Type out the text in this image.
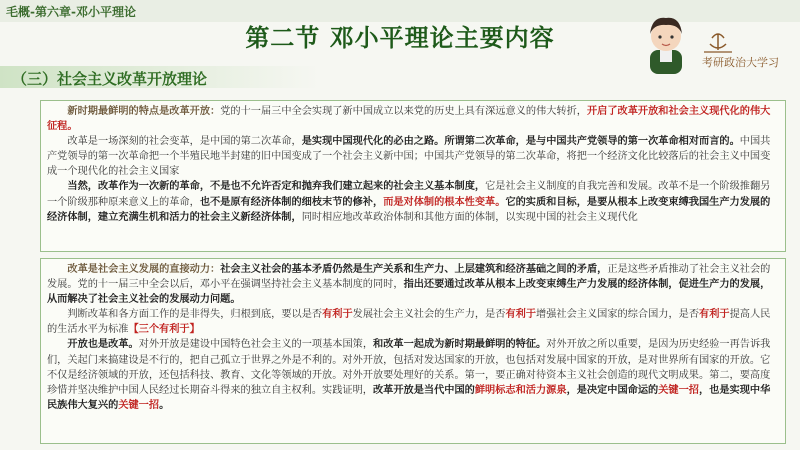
毛概-第六章-邓小平理论
第二节 邓小平理论主要内容
考研政治大学习
（三）社会主义改革开放理论

新时期最鲜明的特点是改革开放：党的十一届三中全会实现了新中国成立以来党的历史上具有深远意义的伟大转折，开启了改革开放和社会主义现代化的伟大征程。

改革是一场深刻的社会变革，是中国的第二次革命，是实现中国现代化的必由之路。所谓第二次革命，是与中国共产党领导的第一次革命相对而言的。中国共产党领导的第一次革命把一个半殖民地半封建的旧中国变成了一个社会主义新中国；中国共产党领导的第二次革命，将把一个经济文化比较落后的社会主义中国变成一个现代化的社会主义国家

当然，改革作为一次新的革命，不是也不允许否定和抛弃我们建立起来的社会主义基本制度，它是社会主义制度的自我完善和发展。改革不是一个阶级推翻另一个阶级那种原来意义上的革命，也不是原有经济体制的细枝末节的修补，而是对体制的根本性变革。它的实质和目标，是要从根本上改变束缚我国生产力发展的经济体制，建立充满生机和活力的社会主义新经济体制，同时相应地改革政治体制和其他方面的体制，以实现中国的社会主义现代化

改革是社会主义发展的直接动力：社会主义社会的基本矛盾仍然是生产关系和生产力、上层建筑和经济基础之间的矛盾，正是这些矛盾推动了社会主义社会的发展。党的十一届三中全会以后，邓小平在强调坚持社会主义基本制度的同时，指出还要通过改革从根本上改变束缚生产力发展的经济体制，促进生产力的发展，从而解决了社会主义社会的发展动力问题。

判断改革和各方面工作的是非得失，归根到底，要以是否有利于发展社会主义社会的生产力，是否有利于增强社会主义国家的综合国力，是否有利于提高人民的生活水平为标准【三个有利于】

开放也是改革。对外开放是建设中国特色社会主义的一项基本国策，和改革一起成为新时期最鲜明的特征。对外开放之所以重要，是因为历史经验一再告诉我们，关起门来搞建设是不行的，把自己孤立于世界之外是不利的。对外开放，包括对发达国家的开放，也包括对发展中国家的开放，是对世界所有国家的开放。它不仅是经济领域的开放，还包括科技、教育、文化等领域的开放。对外开放要处理好的关系。第一，要正确对待资本主义社会创造的现代文明成果。第二，要高度珍惜并坚决维护中国人民经过长期奋斗得来的独立自主权利。实践证明，改革开放是当代中国的鲜明标志和活力源泉，是决定中国命运的关键一招，也是实现中华民族伟大复兴的关键一招。
